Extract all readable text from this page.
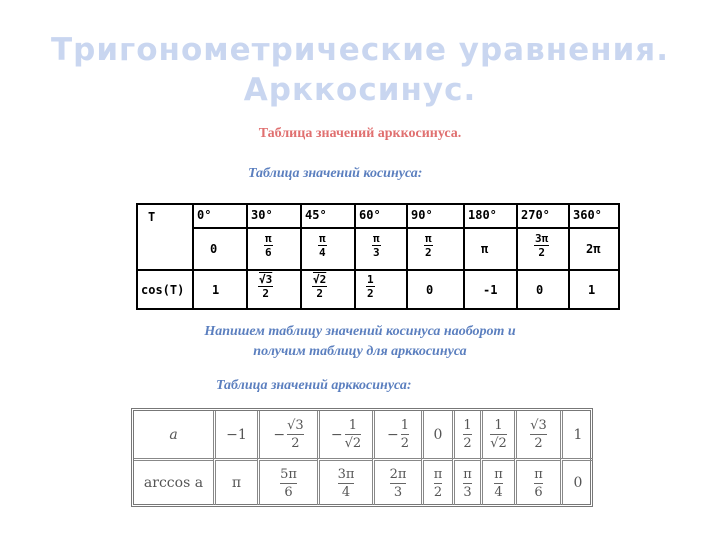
Тригонометрические уравнения.
Арккосинус.
Таблица значений арккосинуса.
Таблица значений косинуса:
T
cos(T)
0°
0
1
30°
π
6
√3
2
45°
π
4
√2
2
60°
π
3
1
2
90°
π
2
0
180°
π
-1
270°
3π
2
0
360°
2π
1
Напишем таблицу значений косинуса наоборот и
получим таблицу для арккосинуса
Таблица значений арккосинуса:
a
arccos a
−1
π
−
√3
2
5π
6
−
1
√2
3π
4
−
1
2
2π
3
0
π
2
1
2
π
3
1
√2
π
4
√3
2
π
6
1
0
